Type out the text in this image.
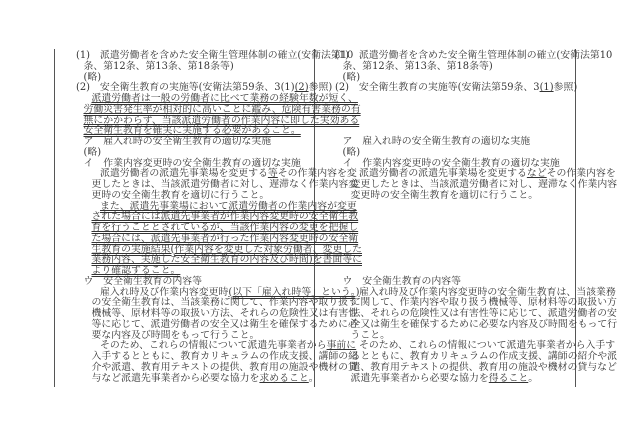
(1)　派遣労働者を含めた安全衛生管理体制の確立(安衛法第10
条、第12条、第13条、第18条等)
(略)
(2)　安全衛生教育の実施等(安衛法第59条、3(1)(2)参照)
派遣労働者は一般の労働者に比べて業務の経験年数が短く、
労働災害発生率が相対的に高いことに鑑み、危険有害業務の有
無にかかわらず、当該派遣労働者の作業内容に即した実効ある
安全衛生教育を確実に実施する必要があること。
ア　雇入れ時の安全衛生教育の適切な実施
(略)
イ　作業内容変更時の安全衛生教育の適切な実施
派遣労働者の派遣先事業場を変更する等その作業内容を変
更したときは、当該派遣労働者に対し、遅滞なく作業内容変
更時の安全衛生教育を適切に行うこと。
また、派遣先事業場において派遣労働者の作業内容が変更
された場合には派遣先事業者が作業内容変更時の安全衛生教
育を行うこととされているが、当該作業内容の変更を把握し
た場合には、派遣先事業者が行った作業内容変更時の安全衛
生教育の実施結果(作業内容を変更した対象労働者、変更した
業務内容、実施した安全衛生教育の内容及び時間)を書面等に
より確認すること。
ウ　安全衛生教育の内容等
雇入れ時及び作業内容変更時(以下「雇入れ時等」という。)
の安全衛生教育は、当該業務に関して、作業内容や取り扱う
機械等、原材料等の取扱い方法、それらの危険性又は有害性
等に応じて、派遣労働者の安全又は衛生を確保するために必
要な内容及び時間をもって行うこと。
そのため、これらの情報について派遣先事業者から事前に
入手するとともに、教育カリキュラムの作成支援、講師の紹
介や派遣、教育用テキストの提供、教育用の施設や機材の貸
与など派遣先事業者から必要な協力を求めること。
(1)　派遣労働者を含めた安全衛生管理体制の確立(安衛法第10
条、第12条、第13条、第18条等)
(略)
(2)　安全衛生教育の実施等(安衛法第59条、3(1)参照)
ア　雇入れ時の安全衛生教育の適切な実施
(略)
イ　作業内容変更時の安全衛生教育の適切な実施
派遣労働者の派遣先事業場を変更するなどその作業内容を
変更したときは、当該派遣労働者に対し、遅滞なく作業内容
変更時の安全衛生教育を適切に行うこと。
ウ　安全衛生教育の内容等
雇入れ時及び作業内容変更時の安全衛生教育は、当該業務
に関して、作業内容や取り扱う機械等、原材料等の取扱い方
法、それらの危険性又は有害性等に応じて、派遣労働者の安
全又は衛生を確保するために必要な内容及び時間をもって行
うこと。
そのため、これらの情報について派遣先事業者から入手す
るとともに、教育カリキュラムの作成支援、講師の紹介や派
遣、教育用テキストの提供、教育用の施設や機材の貸与など
派遣先事業者から必要な協力を得ること。
